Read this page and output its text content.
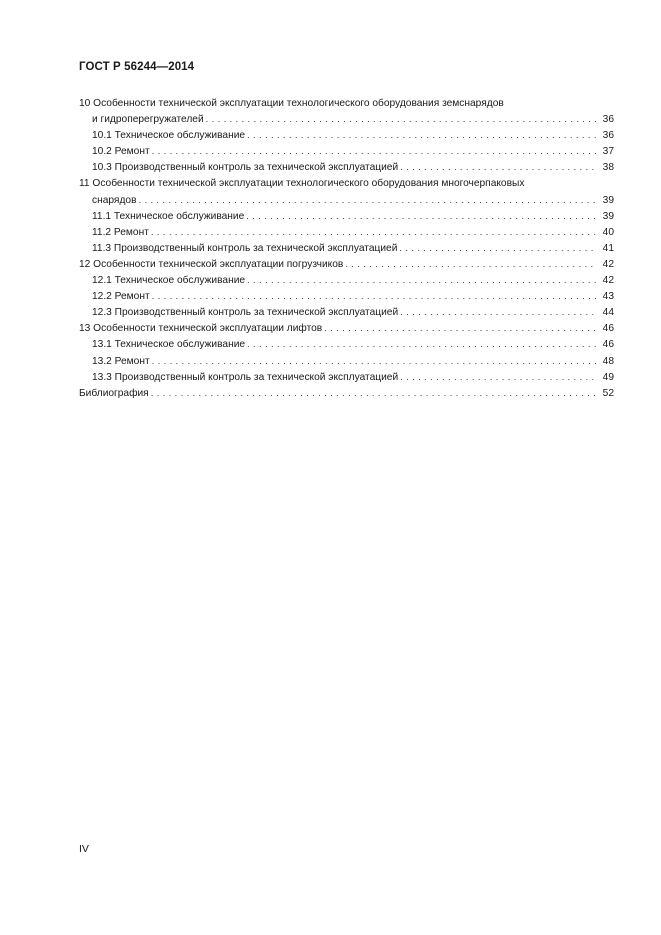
ГОСТ Р 56244—2014
10 Особенности технической эксплуатации технологического оборудования земснарядов
и гидроперегружателей . . .	36
10.1 Техническое обслуживание . . .	36
10.2 Ремонт . . .	37
10.3 Производственный контроль за технической эксплуатацией . . .	38
11 Особенности технической эксплуатации технологического оборудования многочерпаковых
снарядов . . .	39
11.1 Техническое обслуживание . . .	39
11.2 Ремонт . . .	40
11.3 Производственный контроль за технической эксплуатацией . . .	41
12 Особенности технической эксплуатации погрузчиков . . .	42
12.1 Техническое обслуживание . . .	42
12.2 Ремонт . . .	43
12.3 Производственный контроль за технической эксплуатацией . . .	44
13 Особенности технической эксплуатации лифтов . . .	46
13.1 Техническое обслуживание . . .	46
13.2 Ремонт . . .	48
13.3 Производственный контроль за технической эксплуатацией . . .	49
Библиография . . .	52
IV
